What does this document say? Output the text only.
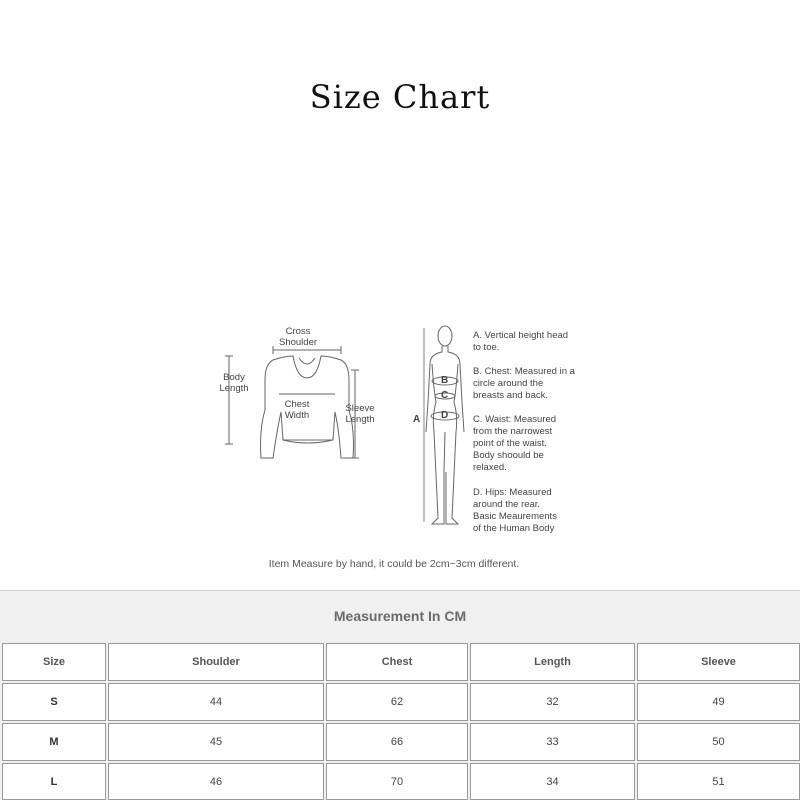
Size Chart
Cross
Shoulder
Body
Length
Chest
Width
Sleeve
Length	A
B
C
D
A. Vertical height head
to toe.
B. Chest: Measured in a
circle around the
breasts and back.
C. Waist: Measured
from the narrowest
point of the waist.
Body shoould be
relaxed.
D. Hips: Measured
around the rear.
Basic Meaurements
of the Human Body
Item Measure by hand, it could be 2cm~3cm different.
Measurement In CM
Size	Shoulder	Chest	Length	Sleeve
S	44	62	32	49
M	45	66	33	50
L	46	70	34	51
